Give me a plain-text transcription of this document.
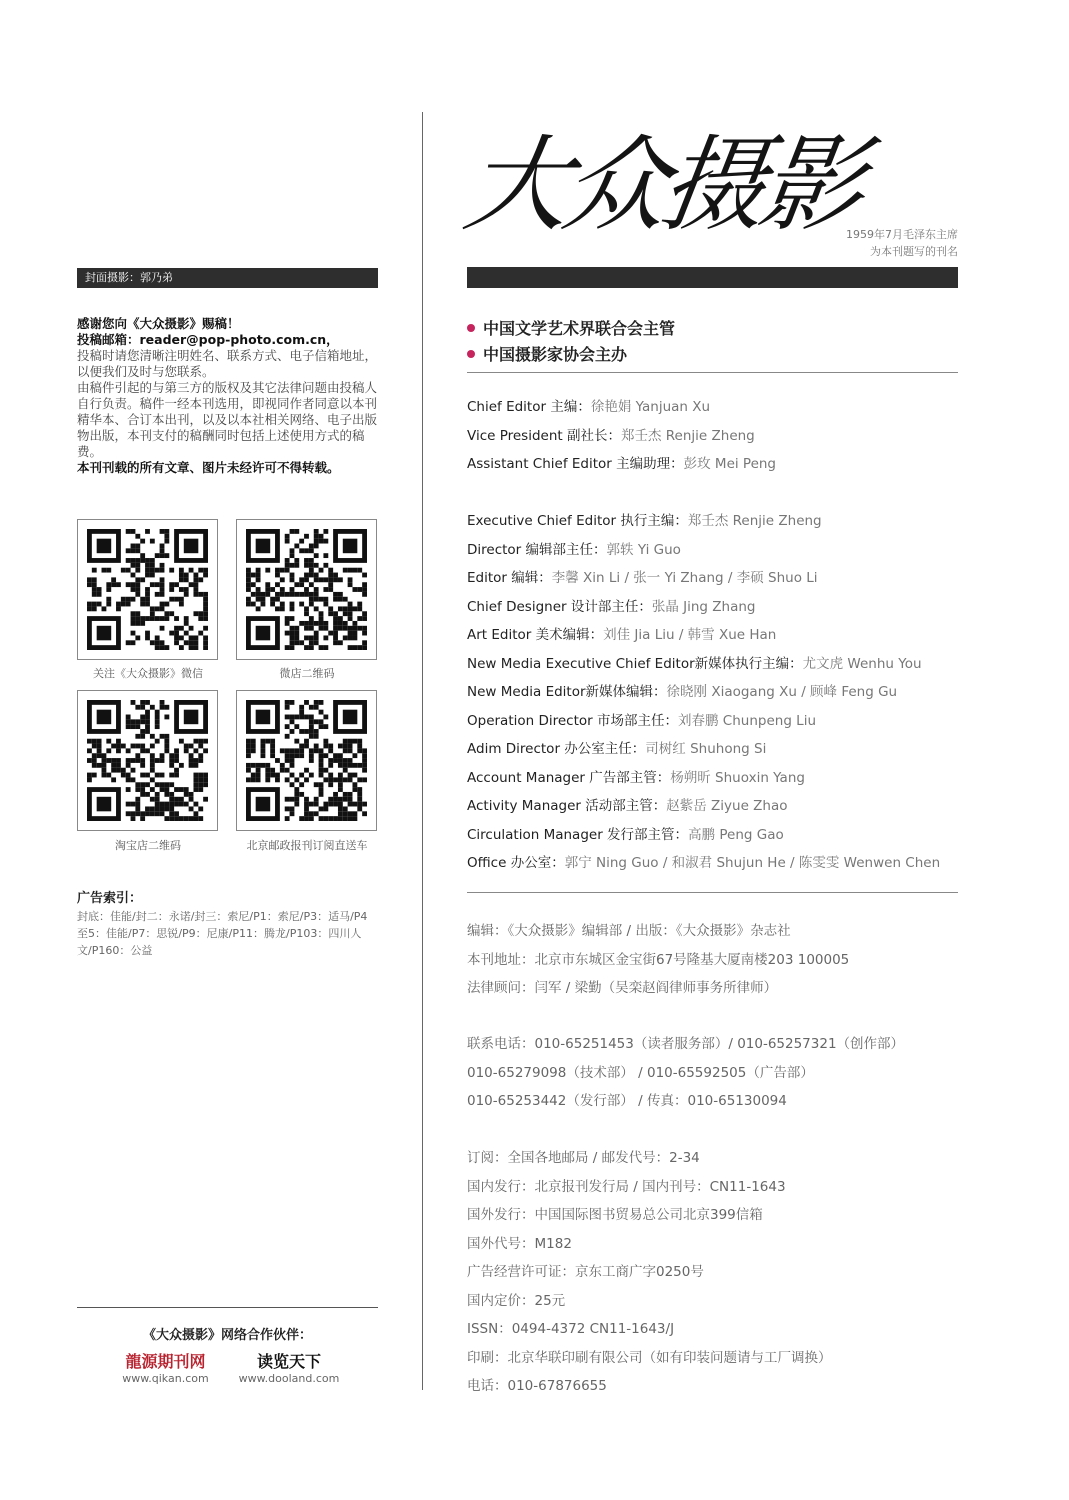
封面摄影：郭乃弟
感谢您向《大众摄影》赐稿！
投稿邮箱：reader@pop-photo.com.cn，
投稿时请您清晰注明姓名、联系方式、电子信箱地址，以便我们及时与您联系。
由稿件引起的与第三方的版权及其它法律问题由投稿人自行负责。稿件一经本刊选用，即视同作者同意以本刊精华本、合订本出刊，以及以本社相关网络、电子出版物出版，本刊支付的稿酬同时包括上述使用方式的稿费。
本刊刊载的所有文章、图片未经许可不得转载。
关注《大众摄影》微信	微店二维码
淘宝店二维码	北京邮政报刊订阅直送车
广告索引：
封底：佳能/封二：永诺/封三：索尼/P1：索尼/P3：适马/P4至5：佳能/P7：思锐/P9：尼康/P11：腾龙/P103：四川人文/P160：公益
《大众摄影》网络合作伙伴：
龍源期刊网
www.qikan.com
读览天下
www.dooland.com
大众摄影
1959年7月毛泽东主席
为本刊题写的刊名
中国文学艺术界联合会主管
中国摄影家协会主办
Chief Editor 主编：徐艳娟 Yanjuan Xu
Vice President 副社长：郑壬杰 Renjie Zheng
Assistant Chief Editor 主编助理：彭玫 Mei Peng
Executive Chief Editor 执行主编：郑壬杰 Renjie Zheng
Director 编辑部主任：郭轶 Yi Guo
Editor 编辑：李馨 Xin Li / 张一 Yi Zhang / 李硕 Shuo Li
Chief Designer 设计部主任：张晶 Jing Zhang
Art Editor 美术编辑：刘佳 Jia Liu / 韩雪 Xue Han
New Media Executive Chief Editor新媒体执行主编：尤文虎 Wenhu You
New Media Editor新媒体编辑：徐晓刚 Xiaogang Xu / 顾峰 Feng Gu
Operation Director 市场部主任：刘春鹏 Chunpeng Liu
Adim Director 办公室主任：司树红 Shuhong Si
Account Manager 广告部主管：杨朔昕 Shuoxin Yang
Activity Manager 活动部主管：赵紫岳 Ziyue Zhao
Circulation Manager 发行部主管：高鹏 Peng Gao
Office 办公室：郭宁 Ning Guo / 和淑君 Shujun He / 陈雯雯 Wenwen Chen
编辑：《大众摄影》编辑部 / 出版：《大众摄影》杂志社
本刊地址：北京市东城区金宝街67号隆基大厦南楼203 100005
法律顾问：闫军 / 梁勤（吴栾赵阎律师事务所律师）
联系电话：010-65251453（读者服务部）/ 010-65257321（创作部）
010-65279098（技术部） / 010-65592505（广告部）
010-65253442（发行部） / 传真：010-65130094
订阅：全国各地邮局 / 邮发代号：2-34
国内发行：北京报刊发行局 / 国内刊号：CN11-1643
国外发行：中国国际图书贸易总公司北京399信箱
国外代号：M182
广告经营许可证：京东工商广字0250号
国内定价：25元
ISSN：0494-4372 CN11-1643/J
印刷：北京华联印刷有限公司（如有印装问题请与工厂调换）
电话：010-67876655
